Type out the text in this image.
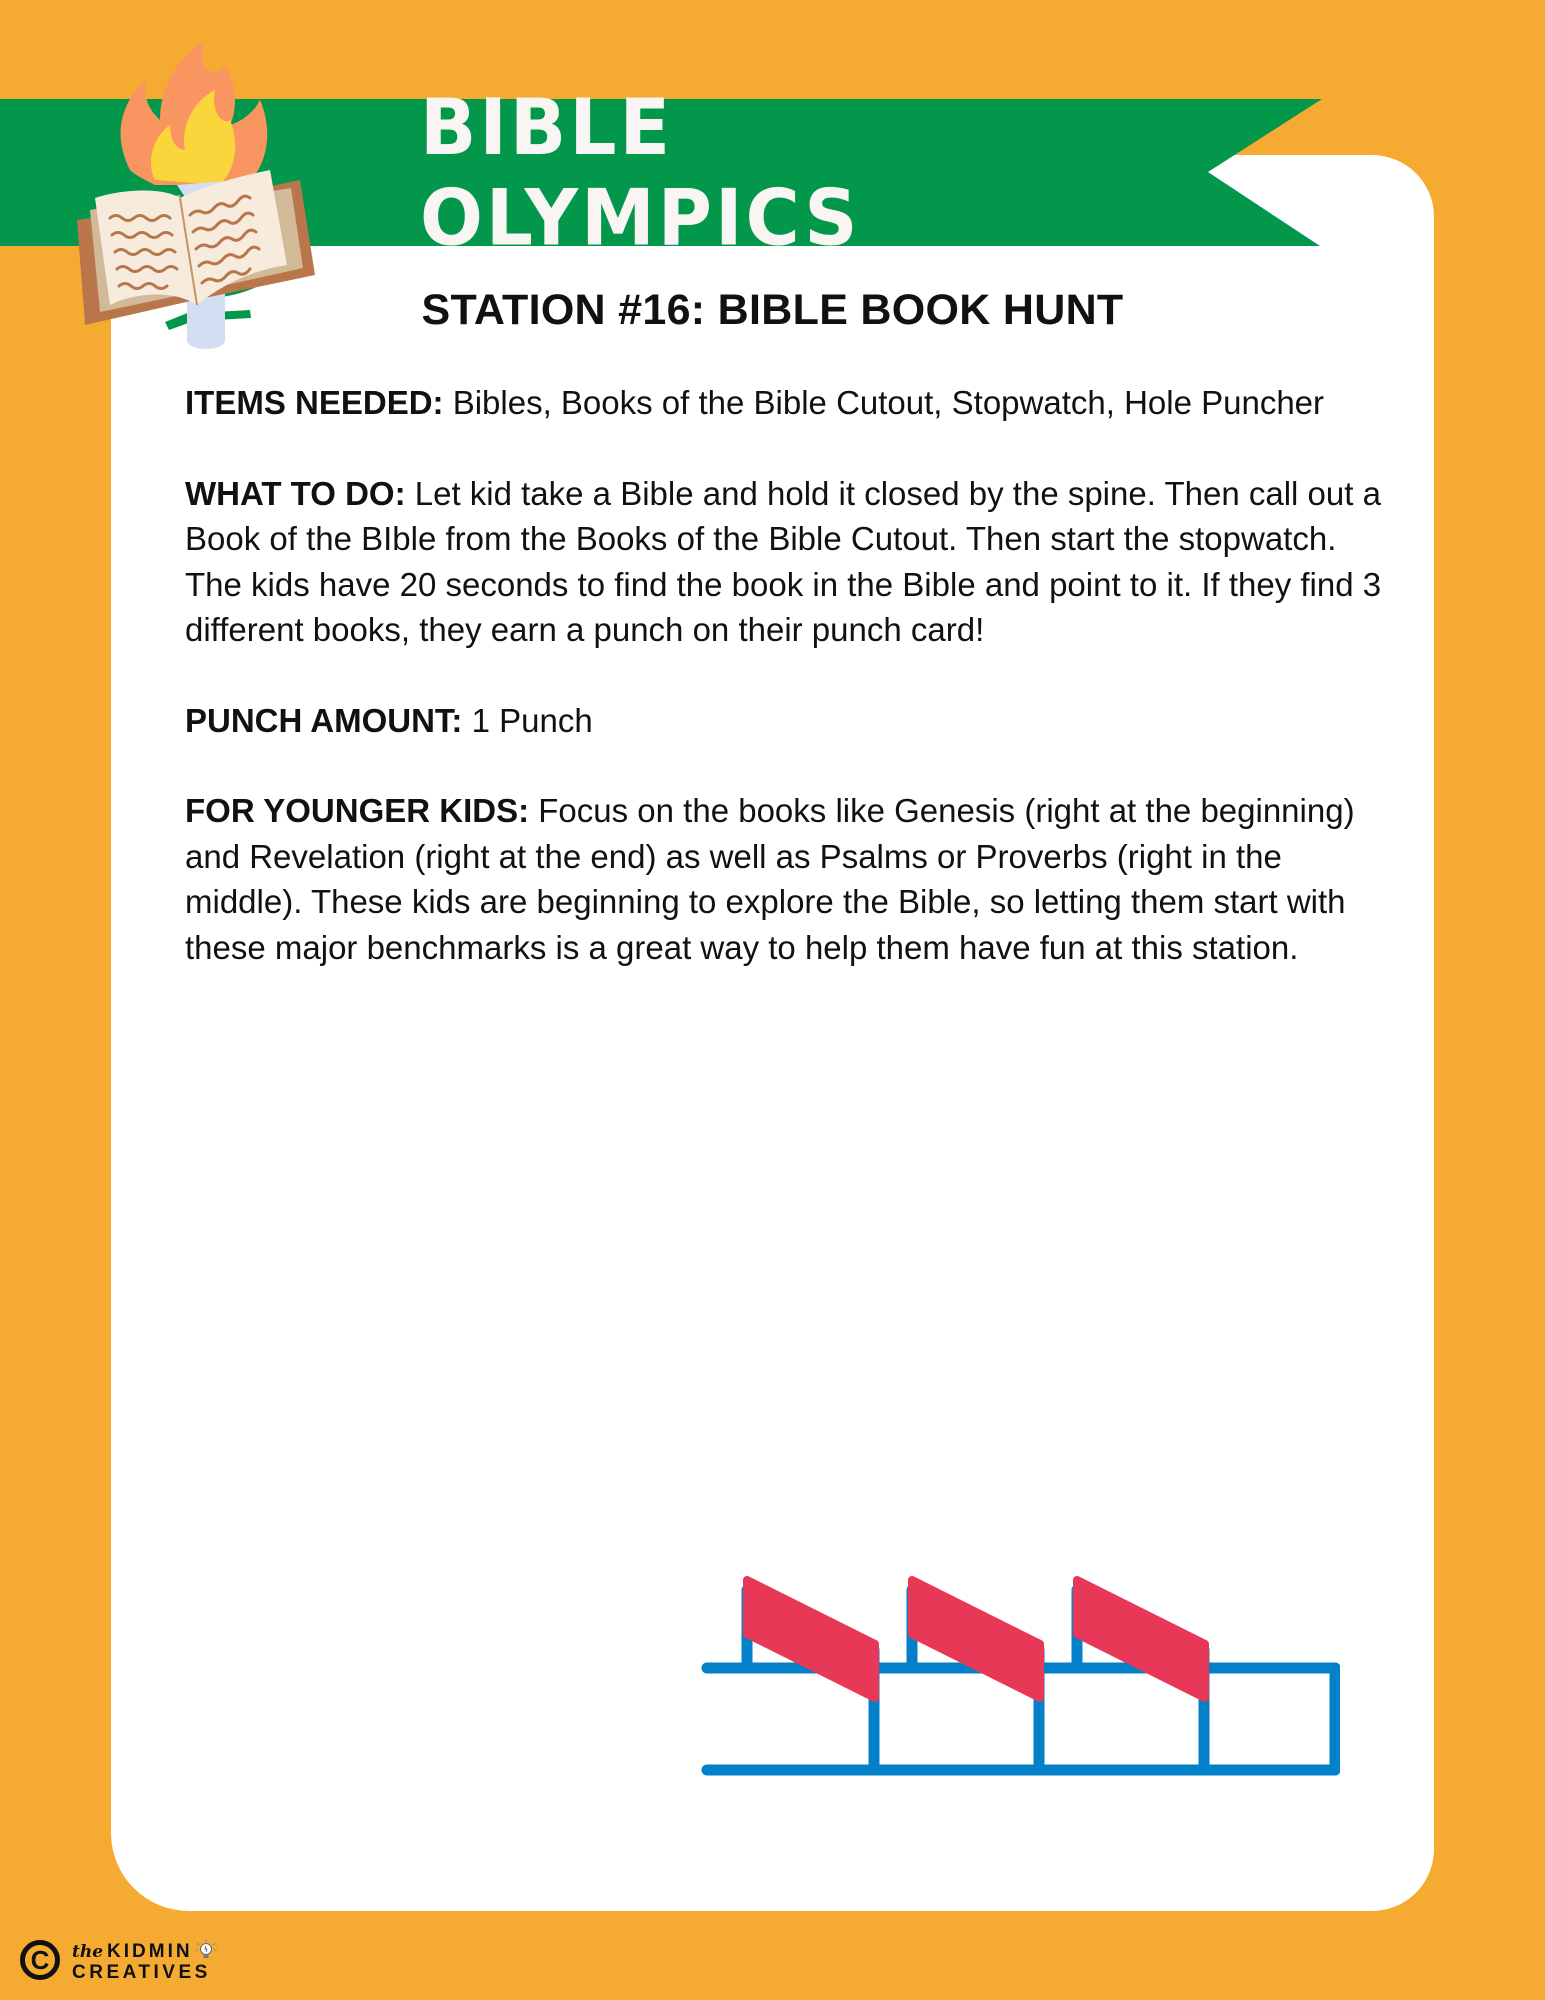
BIBLE OLYMPICS
STATION #16: BIBLE BOOK HUNT

ITEMS NEEDED: Bibles, Books of the Bible Cutout, Stopwatch, Hole Puncher

WHAT TO DO: Let kid take a Bible and hold it closed by the spine. Then call out a Book of the BIble from the Books of the Bible Cutout. Then start the stopwatch. The kids have 20 seconds to find the book in the Bible and point to it. If they find 3 different books, they earn a punch on their punch card!

PUNCH AMOUNT: 1 Punch

FOR YOUNGER KIDS: Focus on the books like Genesis (right at the beginning) and Revelation (right at the end) as well as Psalms or Proverbs (right in the middle). These kids are beginning to explore the Bible, so letting them start with these major benchmarks is a great way to help them have fun at this station.

C	the KIDMIN
CREATIVES
